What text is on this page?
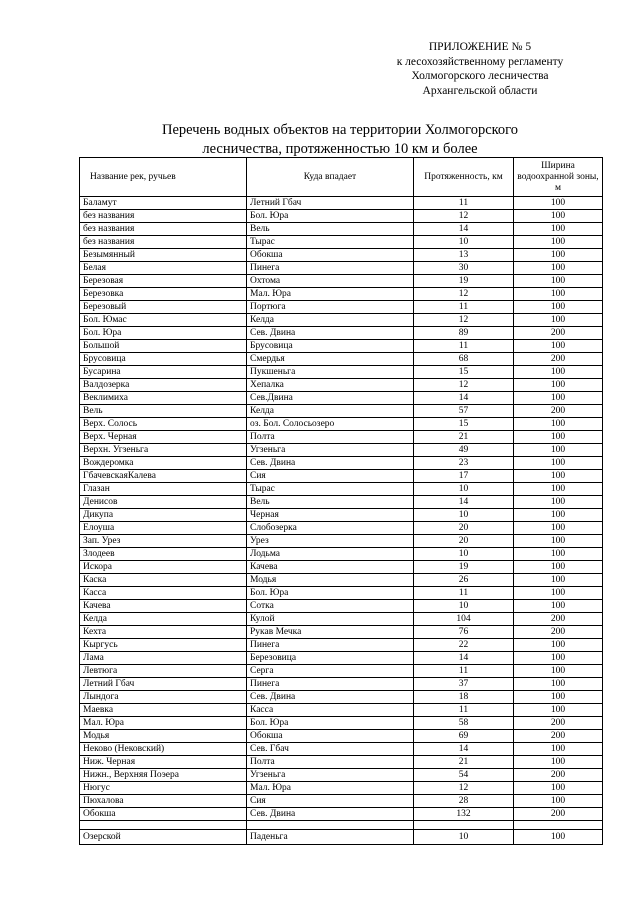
ПРИЛОЖЕНИЕ № 5
к лесохозяйственному регламенту
Холмогорского лесничества
Архангельской области
Перечень водных объектов на территории Холмогорского
лесничества, протяженностью 10 км и более
Название рек, ручьев	Куда впадает	Протяженность, км	Ширина водоохранной зоны, м
Баламут	Летний Гбач	11	100
без названия	Бол. Юра	12	100
без названия	Вель	14	100
без названия	Тырас	10	100
Безымянный	Обокша	13	100
Белая	Пинега	30	100
Березовая	Охтома	19	100
Березовка	Мал. Юра	12	100
Березовый	Портюга	11	100
Бол. Юмас	Келда	12	100
Бол. Юра	Сев. Двина	89	200
Большой	Брусовица	11	100
Брусовица	Смердья	68	200
Бусарина	Пукшеньга	15	100
Валдозерка	Хепалка	12	100
Веклимиха	Сев.Двина	14	100
Вель	Келда	57	200
Верх. Солось	оз. Бол. Солосьозеро	15	100
Верх. Черная	Полта	21	100
Верхн. Угзеньга	Угзеньга	49	100
Вождеромка	Сев. Двина	23	100
ГбачевскаяКалева	Сия	17	100
Глазан	Тырас	10	100
Денисов	Вель	14	100
Дикупа	Черная	10	100
Елоуша	Слобозерка	20	100
Зап. Урез	Урез	20	100
Злодеев	Лодьма	10	100
Искора	Качева	19	100
Каска	Модья	26	100
Касса	Бол. Юра	11	100
Качева	Сотка	10	100
Келда	Кулой	104	200
Кехта	Рукав Мечка	76	200
Кыргусь	Пинега	22	100
Лама	Березовица	14	100
Левтюга	Серга	11	100
Летний Гбач	Пинега	37	100
Лындога	Сев. Двина	18	100
Маевка	Касса	11	100
Мал. Юра	Бол. Юра	58	200
Модья	Обокша	69	200
Неково (Нековский)	Сев. Гбач	14	100
Ниж. Черная	Полта	21	100
Нижн., Верхняя Поэера	Угзеньга	54	200
Нюгус	Мал. Юра	12	100
Пюхалова	Сия	28	100
Обокша	Сев. Двина	132	200

Озерской	Паденьга	10	100
